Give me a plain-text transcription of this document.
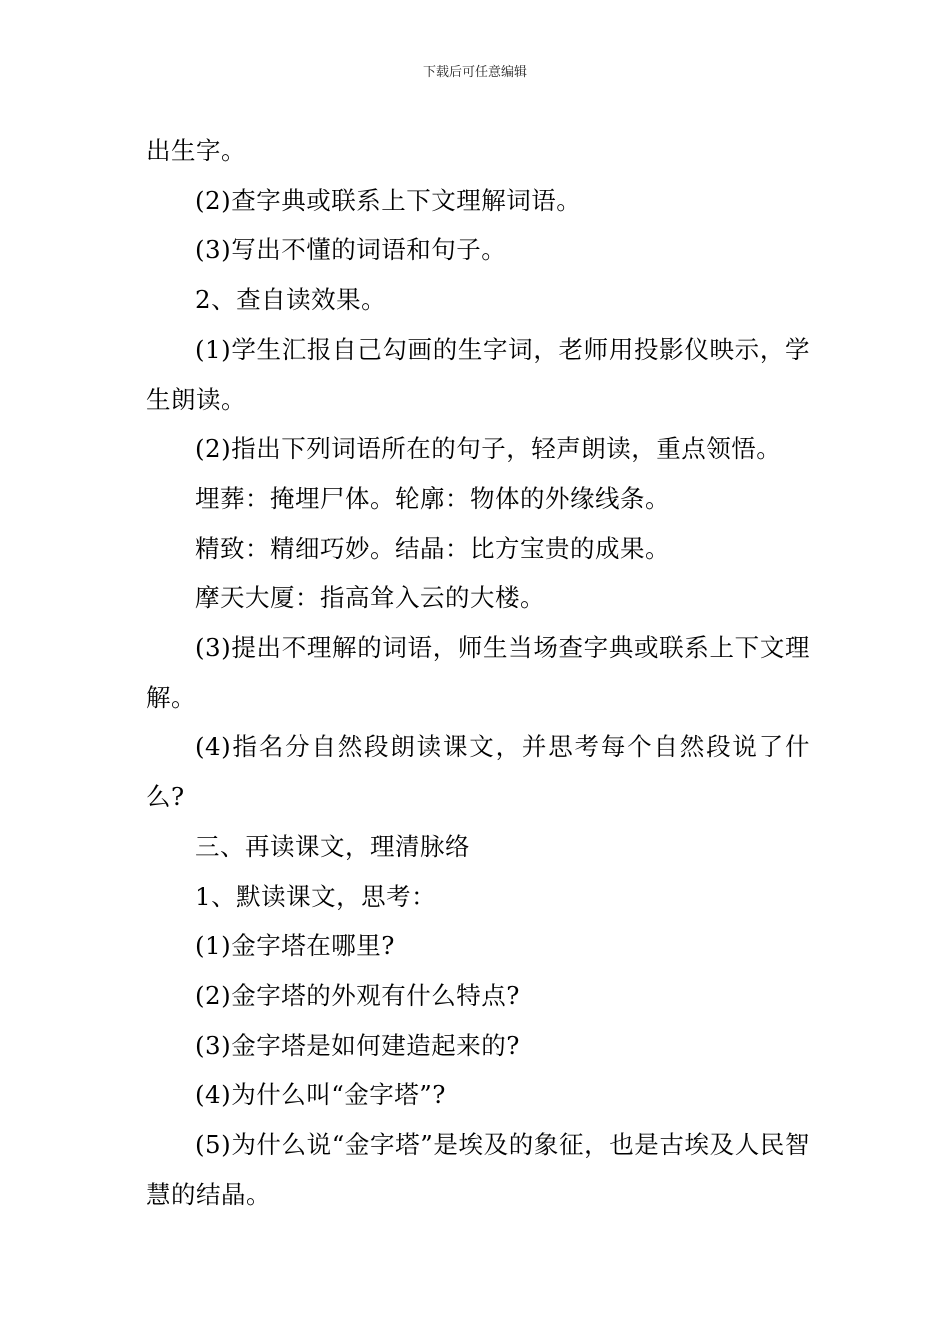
下载后可任意编辑

出生字。

(2)查字典或联系上下文理解词语。

(3)写出不懂的词语和句子。

2、查自读效果。

(1)学生汇报自己勾画的生字词，老师用投影仪映示，学生朗读。

(2)指出下列词语所在的句子，轻声朗读，重点领悟。

埋葬：掩埋尸体。轮廓：物体的外缘线条。

精致：精细巧妙。结晶：比方宝贵的成果。

摩天大厦：指高耸入云的大楼。

(3)提出不理解的词语，师生当场查字典或联系上下文理解。

(4)指名分自然段朗读课文，并思考每个自然段说了什么?

三、再读课文，理清脉络

1、默读课文，思考：

(1)金字塔在哪里?

(2)金字塔的外观有什么特点?

(3)金字塔是如何建造起来的?

(4)为什么叫“金字塔”?

(5)为什么说“金字塔”是埃及的象征，也是古埃及人民智慧的结晶。
